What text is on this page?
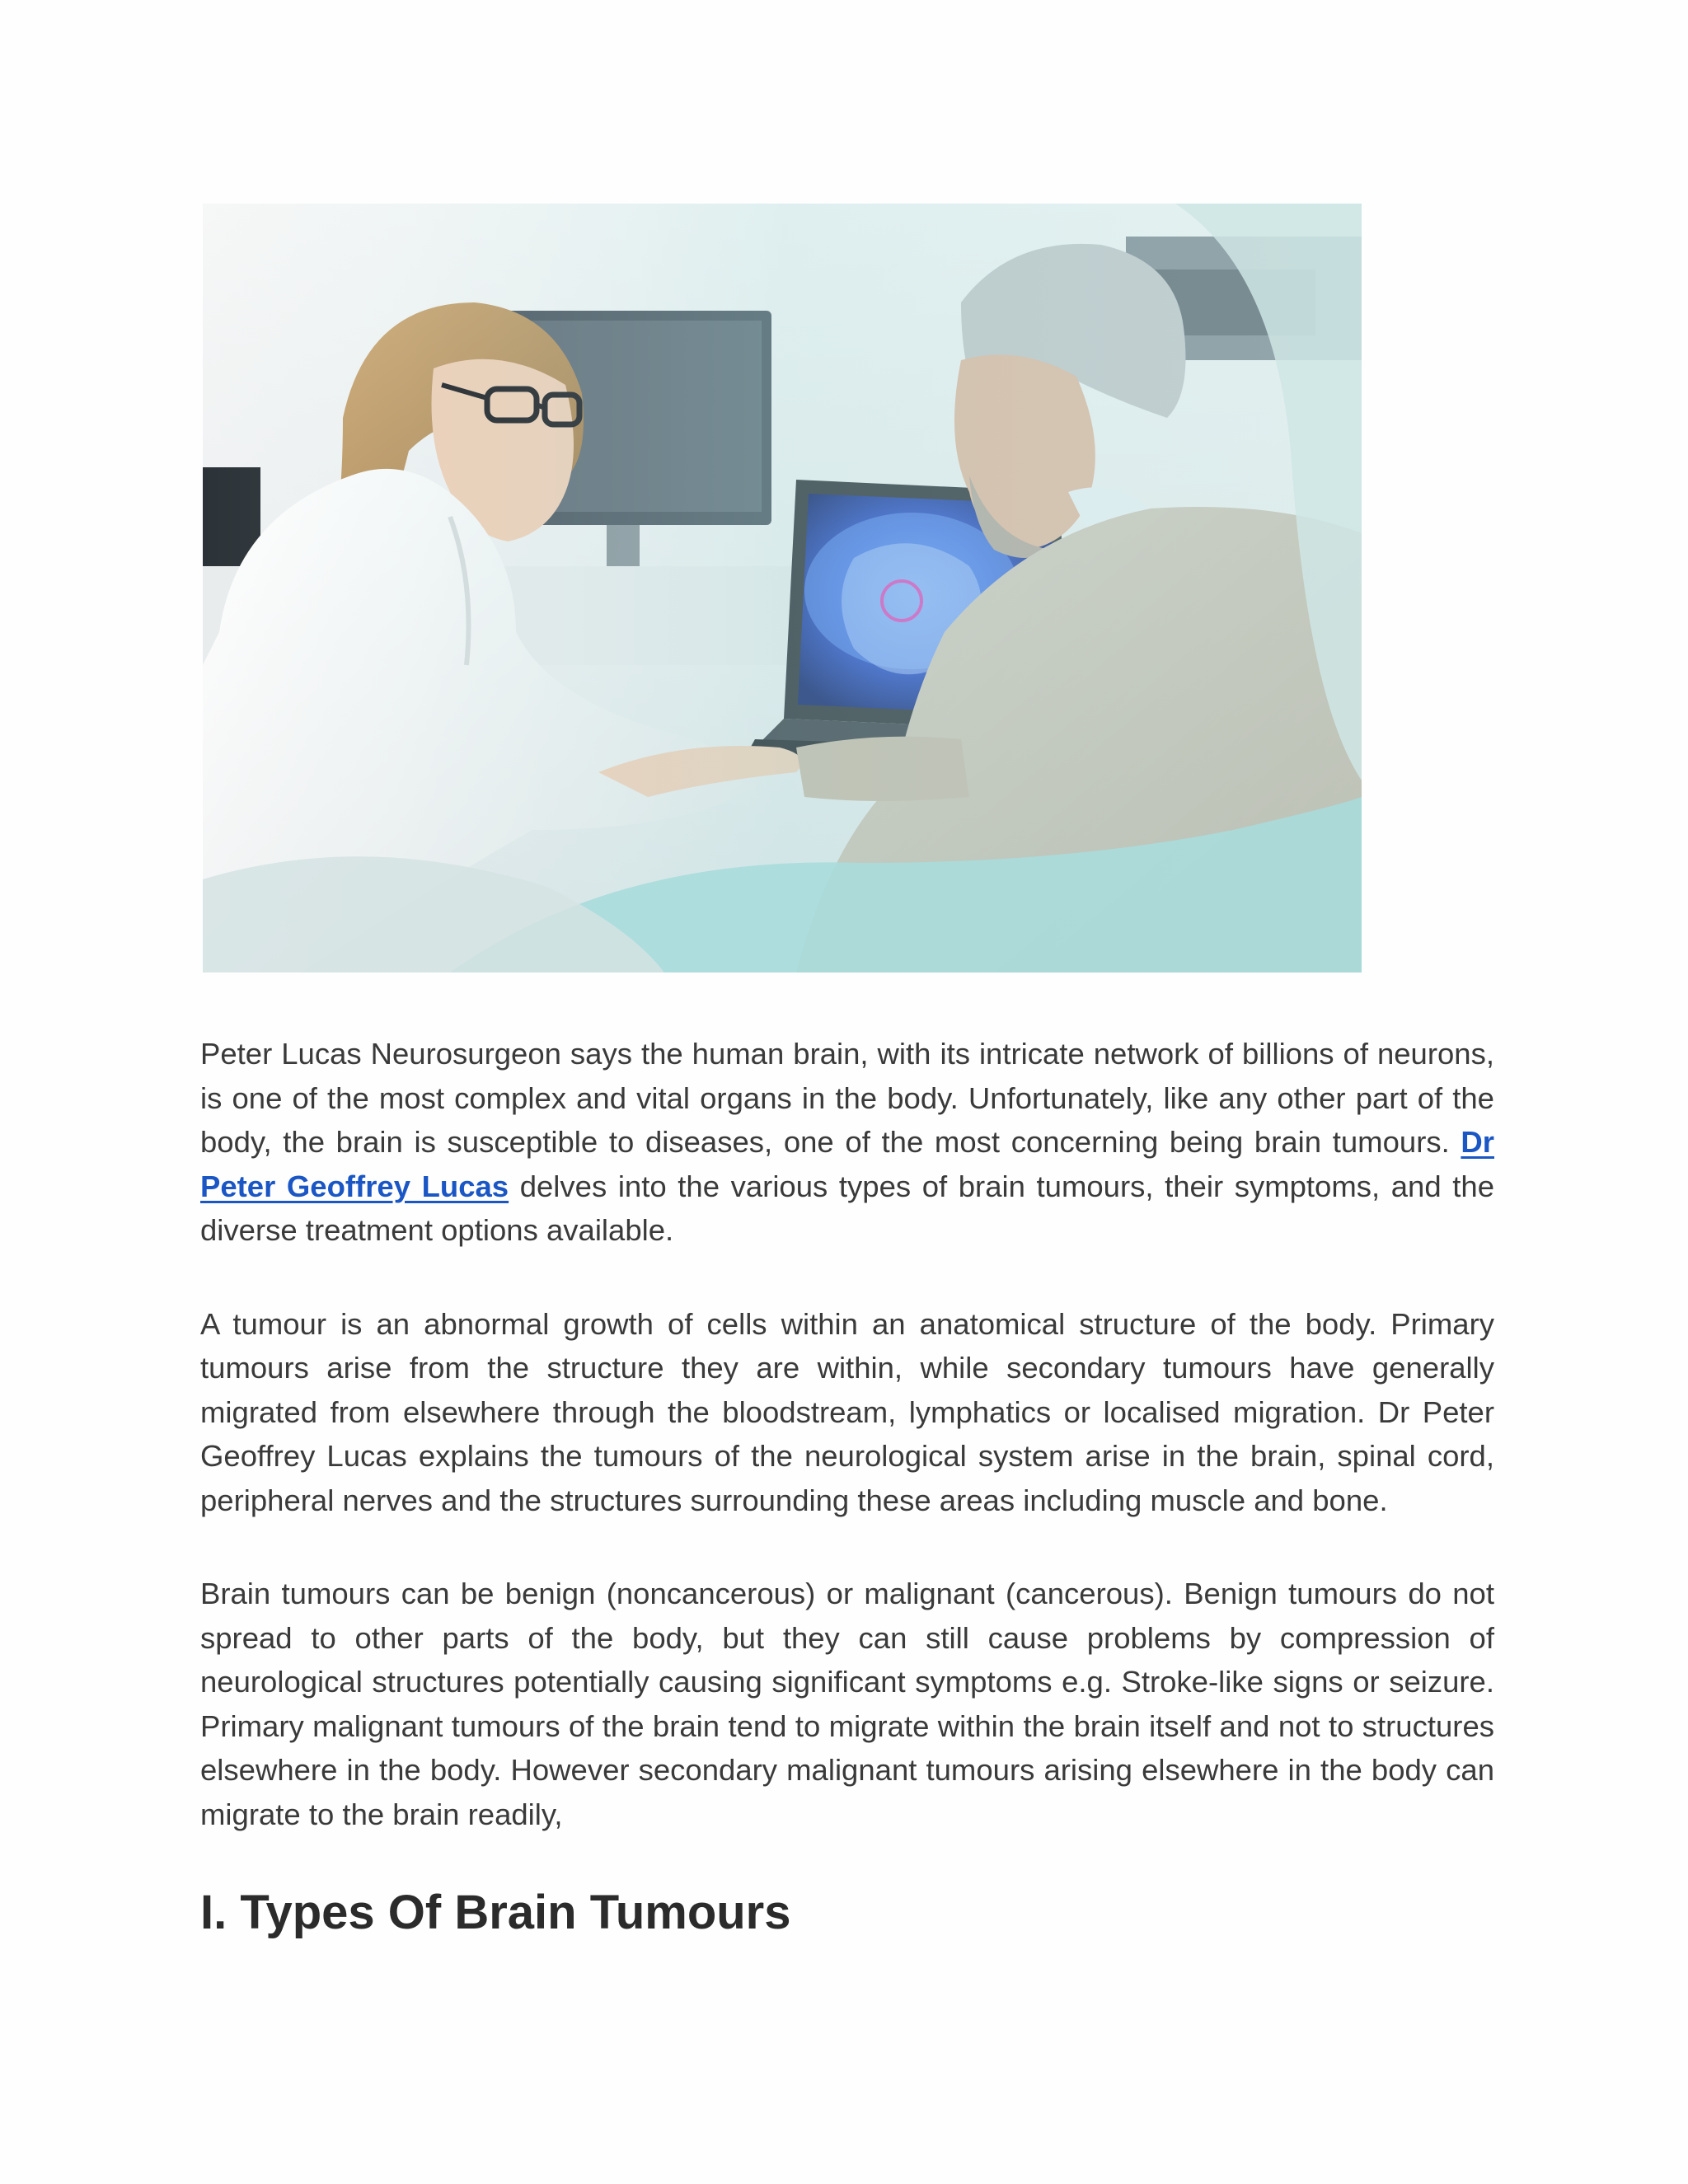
Peter Lucas Neurosurgeon says the human brain, with its intricate network of billions of neurons, is one of the most complex and vital organs in the body. Unfortunately, like any other part of the body, the brain is susceptible to diseases, one of the most concerning being brain tumours. Dr Peter Geoffrey Lucas delves into the various types of brain tumours, their symptoms, and the diverse treatment options available.

A tumour is an abnormal growth of cells within an anatomical structure of the body. Primary tumours arise from the structure they are within, while secondary tumours have generally migrated from elsewhere through the bloodstream, lymphatics or localised migration. Dr Peter Geoffrey Lucas explains the tumours of the neurological system arise in the brain, spinal cord, peripheral nerves and the structures surrounding these areas including muscle and bone.

Brain tumours can be benign (noncancerous) or malignant (cancerous). Benign tumours do not spread to other parts of the body, but they can still cause problems by compression of neurological structures potentially causing significant symptoms e.g. Stroke-like signs or seizure. Primary malignant tumours of the brain tend to migrate within the brain itself and not to structures elsewhere in the body. However secondary malignant tumours arising elsewhere in the body can migrate to the brain readily,

I. Types Of Brain Tumours
